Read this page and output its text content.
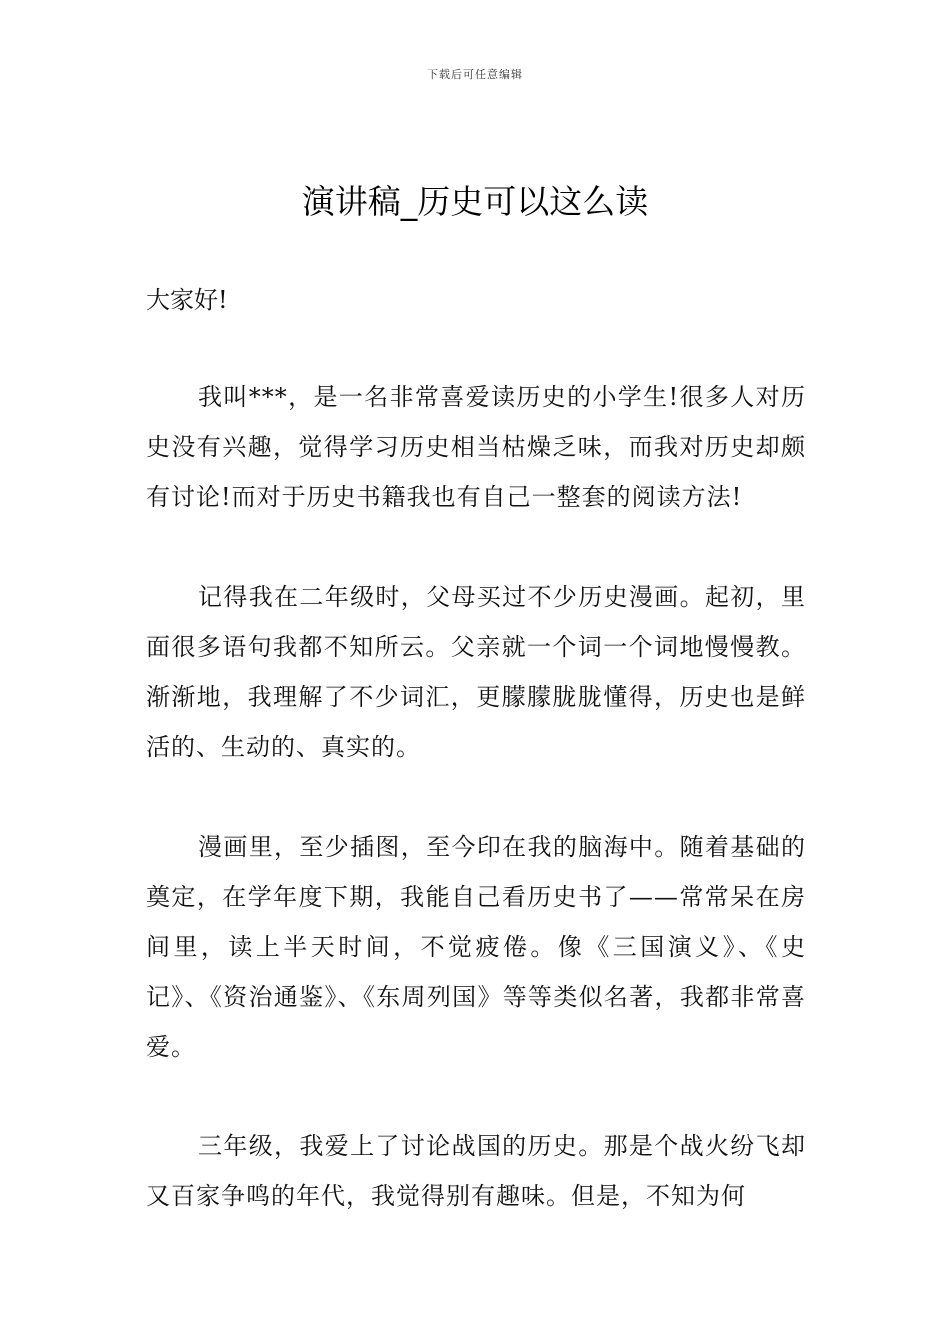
下载后可任意编辑
演讲稿_历史可以这么读

大家好!

我叫***，是一名非常喜爱读历史的小学生!很多人对历史没有兴趣，觉得学习历史相当枯燥乏味，而我对历史却颇有讨论!而对于历史书籍我也有自己一整套的阅读方法!

记得我在二年级时，父母买过不少历史漫画。起初，里面很多语句我都不知所云。父亲就一个词一个词地慢慢教。渐渐地，我理解了不少词汇，更朦朦胧胧懂得，历史也是鲜活的、生动的、真实的。

漫画里，至少插图，至今印在我的脑海中。随着基础的奠定，在学年度下期，我能自己看历史书了——常常呆在房间里，读上半天时间，不觉疲倦。像《三国演义》、《史记》、《资治通鉴》、《东周列国》等等类似名著，我都非常喜爱。

三年级，我爱上了讨论战国的历史。那是个战火纷飞却又百家争鸣的年代，我觉得别有趣味。但是，不知为何
